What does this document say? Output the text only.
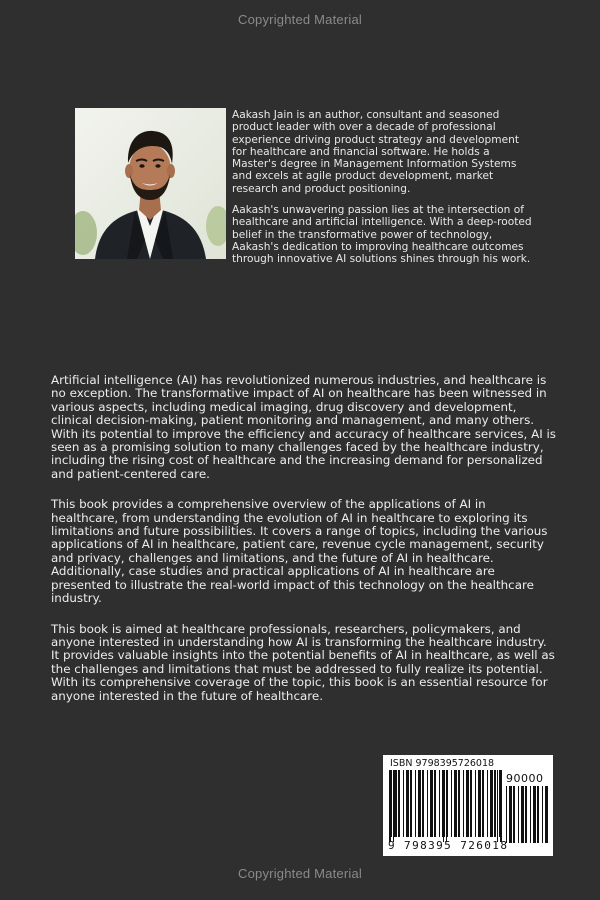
Copyrighted Material

Aakash Jain is an author, consultant and seasoned product leader with over a decade of professional experience driving product strategy and development for healthcare and financial software. He holds a Master's degree in Management Information Systems and excels at agile product development, market research and product positioning.

Aakash's unwavering passion lies at the intersection of healthcare and artificial intelligence. With a deep-rooted belief in the transformative power of technology, Aakash's dedication to improving healthcare outcomes through innovative AI solutions shines through his work.

Artificial intelligence (AI) has revolutionized numerous industries, and healthcare is no exception. The transformative impact of AI on healthcare has been witnessed in various aspects, including medical imaging, drug discovery and development, clinical decision-making, patient monitoring and management, and many others. With its potential to improve the efficiency and accuracy of healthcare services, AI is seen as a promising solution to many challenges faced by the healthcare industry, including the rising cost of healthcare and the increasing demand for personalized and patient-centered care.

This book provides a comprehensive overview of the applications of AI in healthcare, from understanding the evolution of AI in healthcare to exploring its limitations and future possibilities. It covers a range of topics, including the various applications of AI in healthcare, patient care, revenue cycle management, security and privacy, challenges and limitations, and the future of AI in healthcare. Additionally, case studies and practical applications of AI in healthcare are presented to illustrate the real-world impact of this technology on the healthcare industry.

This book is aimed at healthcare professionals, researchers, policymakers, and anyone interested in understanding how AI is transforming the healthcare industry. It provides valuable insights into the potential benefits of AI in healthcare, as well as the challenges and limitations that must be addressed to fully realize its potential. With its comprehensive coverage of the topic, this book is an essential resource for anyone interested in the future of healthcare.

ISBN 9798395726018
90000
9 798395 726018
Copyrighted Material
